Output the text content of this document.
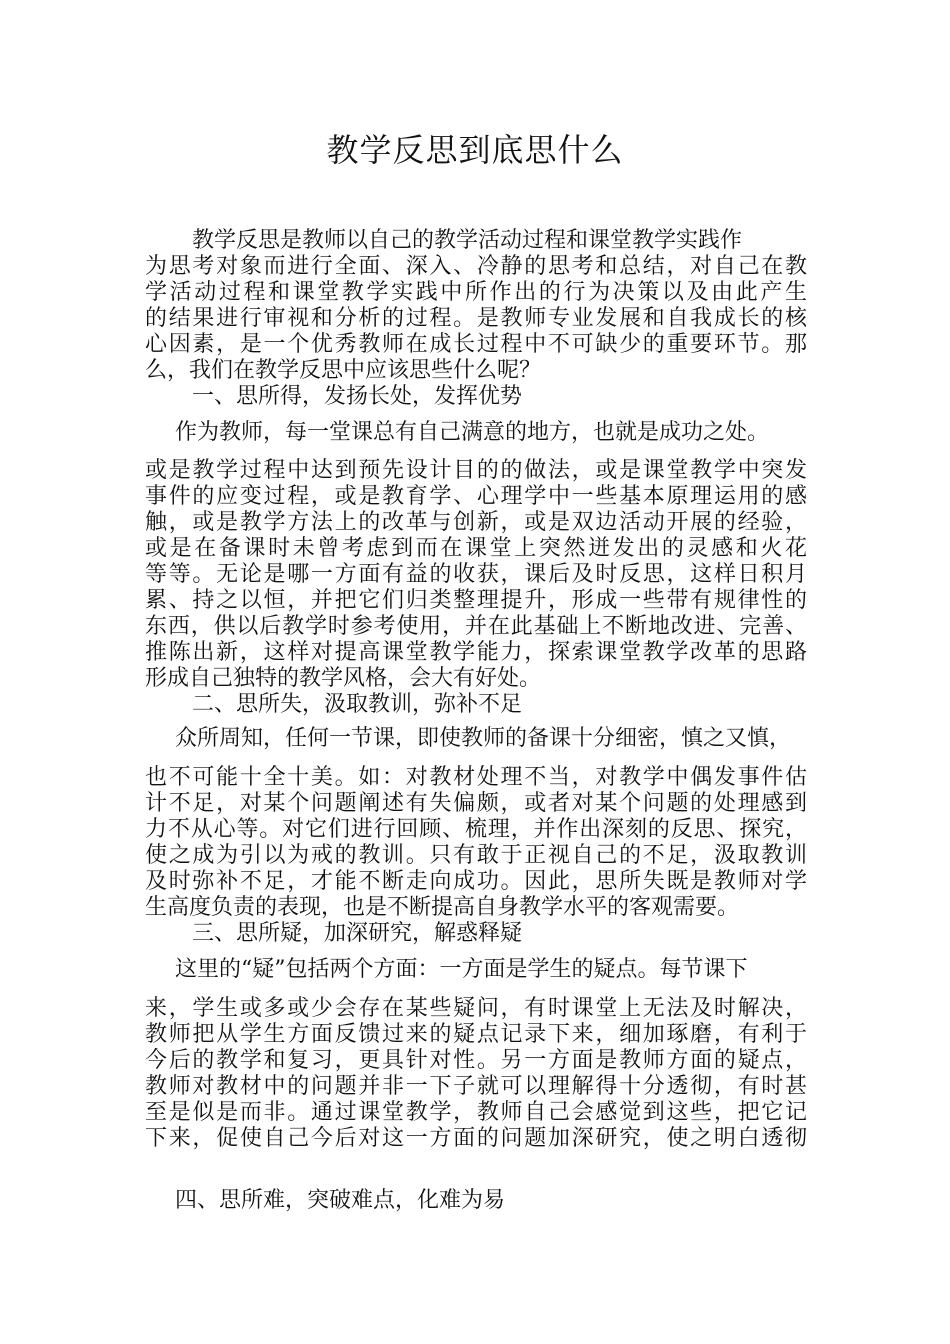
教学反思到底思什么
教学反思是教师以自己的教学活动过程和课堂教学实践作
为思考对象而进行全面、深入、冷静的思考和总结，对自己在教
学活动过程和课堂教学实践中所作出的行为决策以及由此产生
的结果进行审视和分析的过程。是教师专业发展和自我成长的核
心因素，是一个优秀教师在成长过程中不可缺少的重要环节。那
么，我们在教学反思中应该思些什么呢？
一、思所得，发扬长处，发挥优势
作为教师，每一堂课总有自己满意的地方，也就是成功之处。
或是教学过程中达到预先设计目的的做法，或是课堂教学中突发
事件的应变过程，或是教育学、心理学中一些基本原理运用的感
触，或是教学方法上的改革与创新，或是双边活动开展的经验，
或是在备课时未曾考虑到而在课堂上突然迸发出的灵感和火花
等等。无论是哪一方面有益的收获，课后及时反思，这样日积月
累、持之以恒，并把它们归类整理提升，形成一些带有规律性的
东西，供以后教学时参考使用，并在此基础上不断地改进、完善、
推陈出新，这样对提高课堂教学能力，探索课堂教学改革的思路
形成自己独特的教学风格，会大有好处。
二、思所失，汲取教训，弥补不足
众所周知，任何一节课，即使教师的备课十分细密，慎之又慎，
也不可能十全十美。如：对教材处理不当，对教学中偶发事件估
计不足，对某个问题阐述有失偏颇，或者对某个问题的处理感到
力不从心等。对它们进行回顾、梳理，并作出深刻的反思、探究，
使之成为引以为戒的教训。只有敢于正视自己的不足，汲取教训
及时弥补不足，才能不断走向成功。因此，思所失既是教师对学
生高度负责的表现，也是不断提高自身教学水平的客观需要。
三、思所疑，加深研究，解惑释疑
这里的“疑”包括两个方面：一方面是学生的疑点。每节课下
来，学生或多或少会存在某些疑问，有时课堂上无法及时解决，
教师把从学生方面反馈过来的疑点记录下来，细加琢磨，有利于
今后的教学和复习，更具针对性。另一方面是教师方面的疑点，
教师对教材中的问题并非一下子就可以理解得十分透彻，有时甚
至是似是而非。通过课堂教学，教师自己会感觉到这些，把它记
下来，促使自己今后对这一方面的问题加深研究，使之明白透彻
四、思所难，突破难点，化难为易
